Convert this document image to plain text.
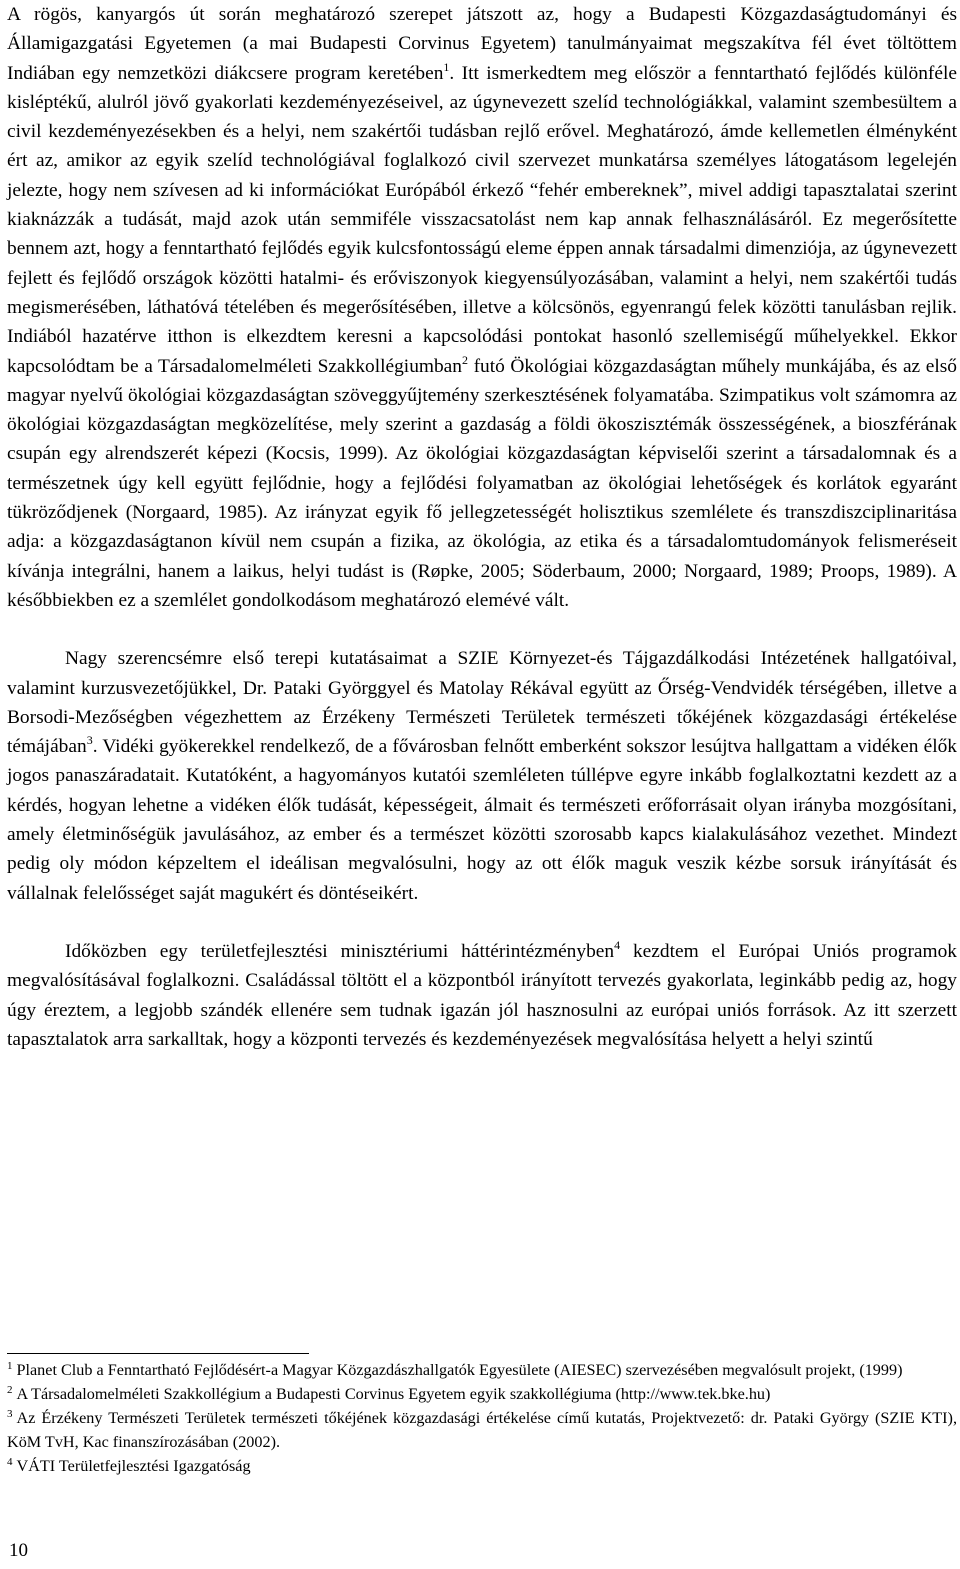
A rögös, kanyargós út során meghatározó szerepet játszott az, hogy a Budapesti Közgazdaságtudományi és Államigazgatási Egyetemen (a mai Budapesti Corvinus Egyetem) tanulmányaimat megszakítva fél évet töltöttem Indiában egy nemzetközi diákcsere program keretében$^1$. Itt ismerkedtem meg először a fenntartható fejlődés különféle kisléptékű, alulról jövő gyakorlati kezdeményezéseivel, az úgynevezett szelíd technológiákkal, valamint szembesültem a civil kezdeményezésekben és a helyi, nem szakértői tudásban rejlő erővel. Meghatározó, ámde kellemetlen élményként ért az, amikor az egyik szelíd technológiával foglalkozó civil szervezet munkatársa személyes látogatásom legelején jelezte, hogy nem szívesen ad ki információkat Európából érkező “fehér embereknek”, mivel addigi tapasztalatai szerint kiaknázzák a tudását, majd azok után semmiféle visszacsatolást nem kap annak felhasználásáról. Ez megerősítette bennem azt, hogy a fenntartható fejlődés egyik kulcsfontosságú eleme éppen annak társadalmi dimenziója, az úgynevezett fejlett és fejlődő országok közötti hatalmi- és erőviszonyok kiegyensúlyozásában, valamint a helyi, nem szakértői tudás megismerésében, láthatóvá tételében és megerősítésében, illetve a kölcsönös, egyenrangú felek közötti tanulásban rejlik. Indiából hazatérve itthon is elkezdtem keresni a kapcsolódási pontokat hasonló szellemiségű műhelyekkel. Ekkor kapcsolódtam be a Társadalomelméleti Szakkollégiumban$^2$ futó Ökológiai közgazdaságtan műhely munkájába, és az első magyar nyelvű ökológiai közgazdaságtan szöveggyűjtemény szerkesztésének folyamatába. Szimpatikus volt számomra az ökológiai közgazdaságtan megközelítése, mely szerint a gazdaság a földi ökoszisztémák összességének, a bioszférának csupán egy alrendszerét képezi (Kocsis, 1999). Az ökológiai közgazdaságtan képviselői szerint a társadalomnak és a természetnek úgy kell együtt fejlődnie, hogy a fejlődési folyamatban az ökológiai lehetőségek és korlátok egyaránt tükröződjenek (Norgaard, 1985). Az irányzat egyik fő jellegzetességét holisztikus szemlélete és transzdiszciplinaritása adja: a közgazdaságtanon kívül nem csupán a fizika, az ökológia, az etika és a társadalomtudományok felismeréseit kívánja integrálni, hanem a laikus, helyi tudást is (Røpke, 2005; Söderbaum, 2000; Norgaard, 1989; Proops, 1989). A későbbiekben ez a szemlélet gondolkodásom meghatározó elemévé vált.

Nagy szerencsémre első terepi kutatásaimat a SZIE Környezet-és Tájgazdálkodási Intézetének hallgatóival, valamint kurzusvezetőjükkel, Dr. Pataki Györggyel és Matolay Rékával együtt az Őrség-Vendvidék térségében, illetve a Borsodi-Mezőségben végezhettem az Érzékeny Természeti Területek természeti tőkéjének közgazdasági értékelése témájában$^3$. Vidéki gyökerekkel rendelkező, de a fővárosban felnőtt emberként sokszor lesújtva hallgattam a vidéken élők jogos panaszáradatait. Kutatóként, a hagyományos kutatói szemléleten túllépve egyre inkább foglalkoztatni kezdett az a kérdés, hogyan lehetne a vidéken élők tudását, képességeit, álmait és természeti erőforrásait olyan irányba mozgósítani, amely életminőségük javulásához, az ember és a természet közötti szorosabb kapcs kialakulásához vezethet. Mindezt pedig oly módon képzeltem el ideálisan megvalósulni, hogy az ott élők maguk veszik kézbe sorsuk irányítását és vállalnak felelősséget saját magukért és döntéseikért.

Időközben egy területfejlesztési minisztériumi háttérintézményben$^4$ kezdtem el Európai Uniós programok megvalósításával foglalkozni. Családással töltött el a központból irányított tervezés gyakorlata, leginkább pedig az, hogy úgy éreztem, a legjobb szándék ellenére sem tudnak igazán jól hasznosulni az európai uniós források. Az itt szerzett tapasztalatok arra sarkalltak, hogy a központi tervezés és kezdeményezések megvalósítása helyett a helyi szintű

$^1$ Planet Club a Fenntartható Fejlődésért-a Magyar Közgazdászhallgatók Egyesülete (AIESEC) szervezésében megvalósult projekt, (1999)

$^2$ A Társadalomelméleti Szakkollégium a Budapesti Corvinus Egyetem egyik szakkollégiuma (http://www.tek.bke.hu)

$^3$ Az Érzékeny Természeti Területek természeti tőkéjének közgazdasági értékelése című kutatás, Projektvezető: dr. Pataki György (SZIE KTI), KöM TvH, Kac finanszírozásában (2002).

$^4$ VÁTI Területfejlesztési Igazgatóság

10
